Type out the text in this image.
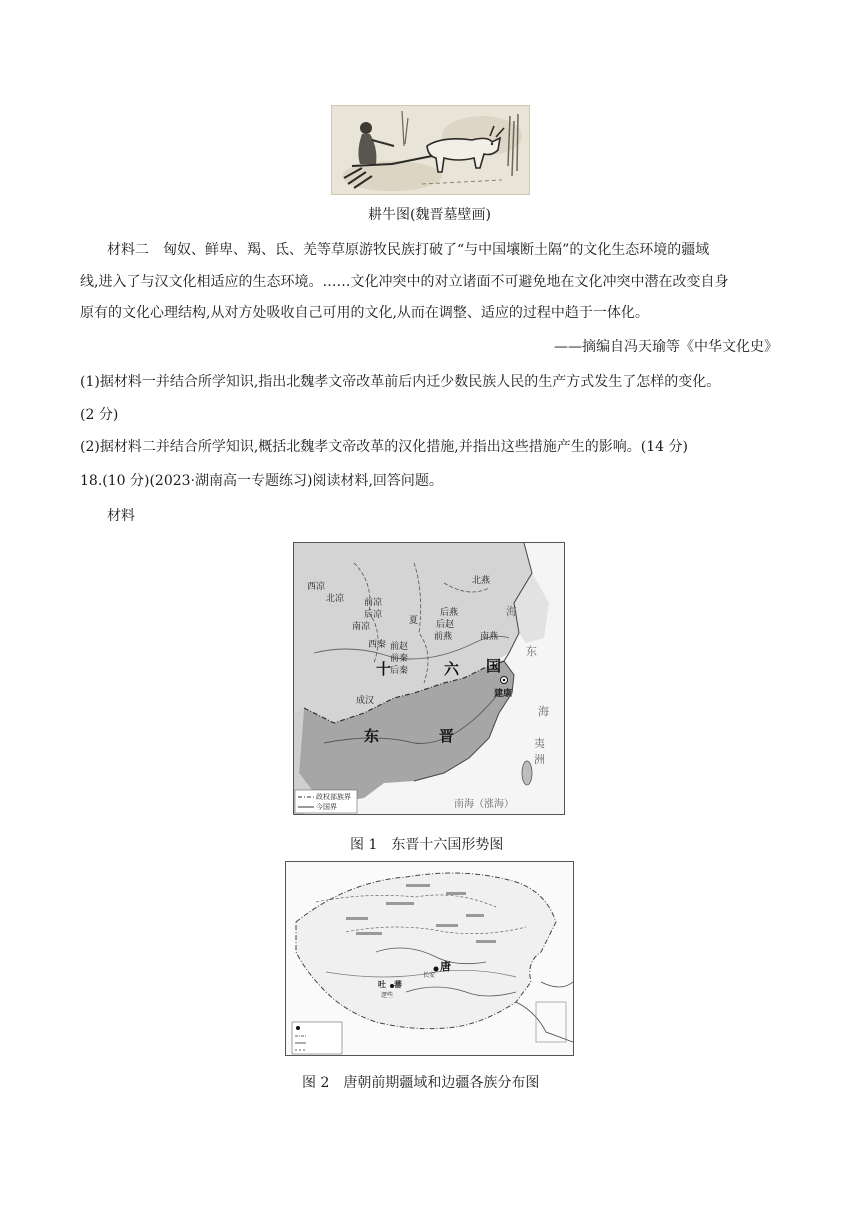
耕牛图(魏晋墓壁画)
材料二　匈奴、鲜卑、羯、氐、羌等草原游牧民族打破了“与中国壤断土隔”的文化生态环境的疆域
线,进入了与汉文化相适应的生态环境。……文化冲突中的对立诸面不可避免地在文化冲突中潜在改变自身
原有的文化心理结构,从对方处吸收自己可用的文化,从而在调整、适应的过程中趋于一体化。
——摘编自冯天瑜等《中华文化史》
(1)据材料一并结合所学知识,指出北魏孝文帝改革前后内迁少数民族人民的生产方式发生了怎样的变化。
(2 分)
(2)据材料二并结合所学知识,概括北魏孝文帝改革的汉化措施,并指出这些措施产生的影响。(14 分)
18.(10 分)(2023·湖南高一专题练习)阅读材料,回答问题。
材料
西凉
北凉
南凉
前凉
后凉
夏
西秦 前赵
前秦
后秦
后燕
后赵
前燕
北燕
南燕
成汉
建康
十	六 国
东	晋
海
东
海
夷
洲
南海（涨海）
政权部族界
今国界
图 1　东晋十六国形势图
唐
吐　蕃
长安
逻些
图 2　唐朝前期疆域和边疆各族分布图
